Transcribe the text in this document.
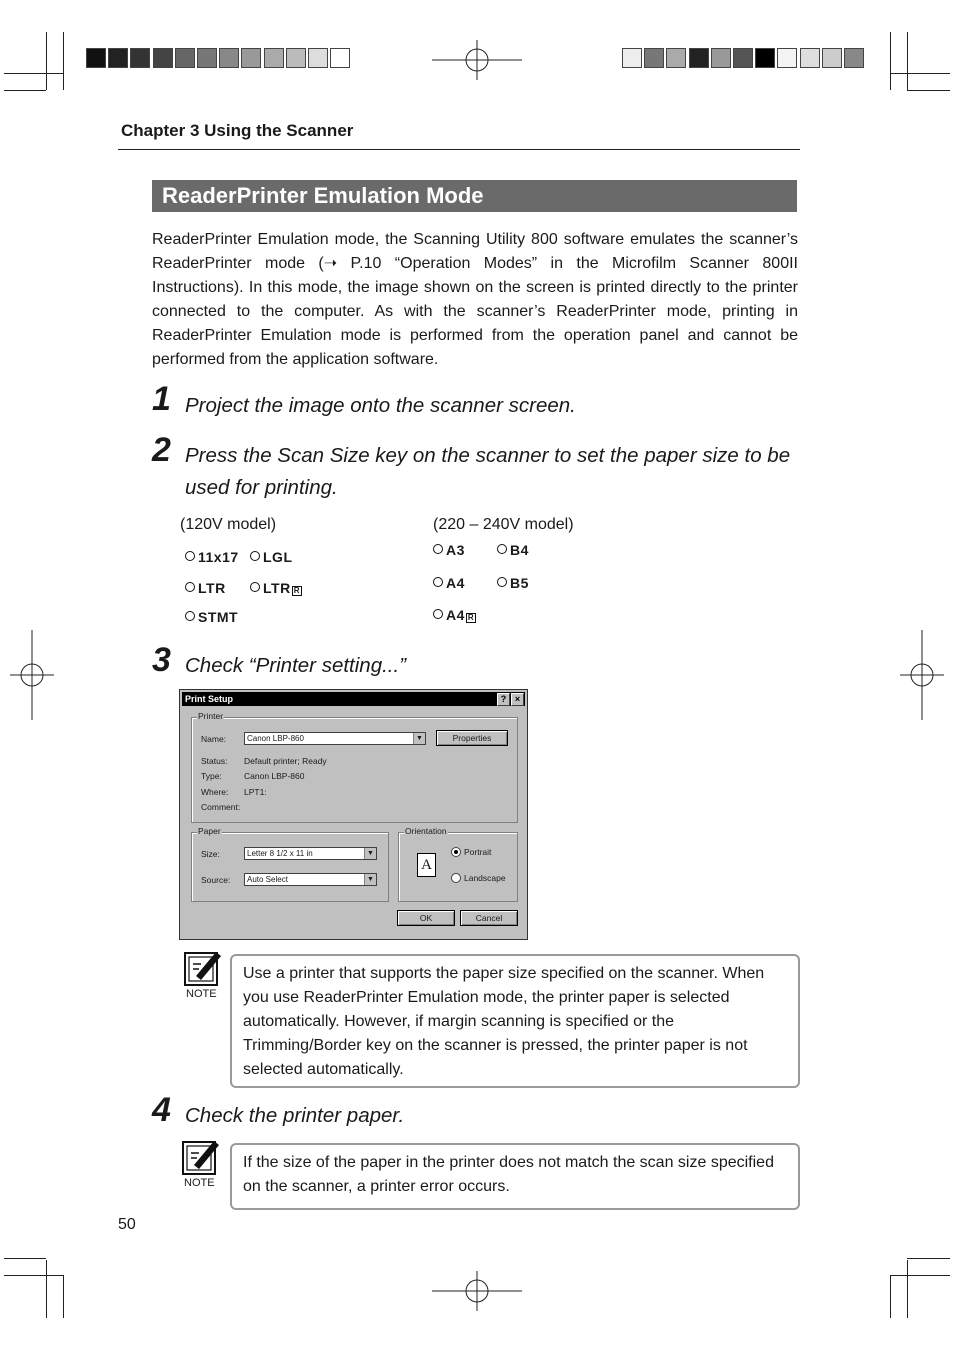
Chapter 3 Using the Scanner
ReaderPrinter Emulation Mode
ReaderPrinter Emulation mode, the Scanning Utility 800 software emulates the scanner’s ReaderPrinter mode (➝ P.10 “Operation Modes” in the Microfilm Scanner 800II Instructions). In this mode, the image shown on the screen is printed directly to the printer connected to the computer. As with the scanner’s ReaderPrinter mode, printing in ReaderPrinter Emulation mode is performed from the operation panel and cannot be performed from the application software.
1 Project the image onto the scanner screen.
2 Press the Scan Size key on the scanner to set the paper size to be used for printing.
(120V model)	(220 – 240V model)
11x17	LGL
LTR	LTR R
STMT
A3	B4
A4	B5
A4 R
3 Check “Printer setting...”
Print Setup	? ×
Printer
Name:	Canon LBP-860	▼	Properties
Status: Default printer; Ready
Type:	Canon LBP-860
Where: LPT1:
Comment:
Paper
Size:	Letter 8 1/2 x 11 in	▼
Source:	Auto Select	▼
Orientation
A
Portrait
Landscape
OK	Cancel
NOTE
Use a printer that supports the paper size specified on the scanner. When you use ReaderPrinter Emulation mode, the printer paper is selected automatically. However, if margin scanning is specified or the Trimming/Border key on the scanner is pressed, the printer paper is not selected automatically.
4 Check the printer paper.
NOTE
If the size of the paper in the printer does not match the scan size specified on the scanner, a printer error occurs.
50
